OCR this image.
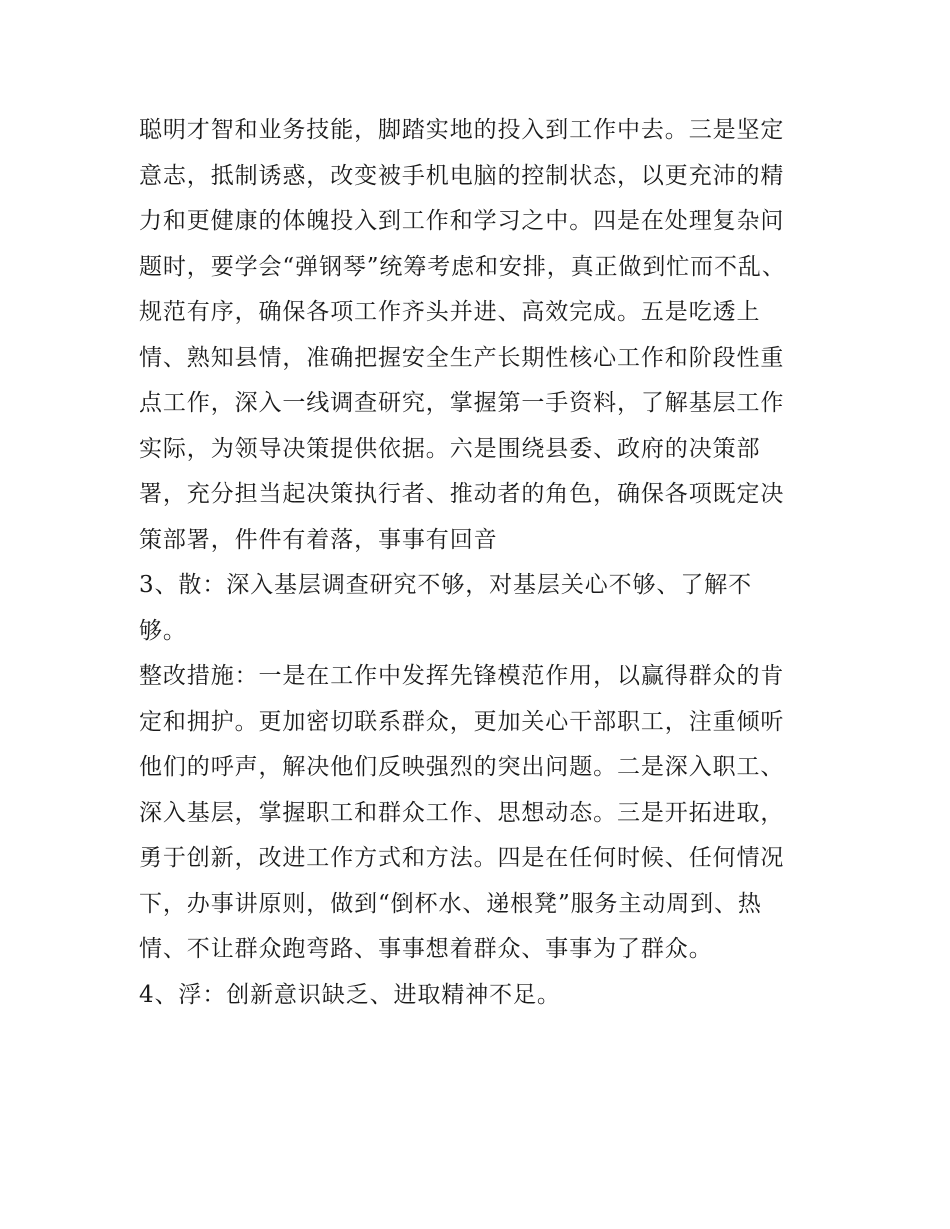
聪明才智和业务技能，脚踏实地的投入到工作中去。三是坚定
意志，抵制诱惑，改变被手机电脑的控制状态，以更充沛的精
力和更健康的体魄投入到工作和学习之中。四是在处理复杂问
题时，要学会“弹钢琴”统筹考虑和安排，真正做到忙而不乱、
规范有序，确保各项工作齐头并进、高效完成。五是吃透上
情、熟知县情，准确把握安全生产长期性核心工作和阶段性重
点工作，深入一线调查研究，掌握第一手资料，了解基层工作
实际，为领导决策提供依据。六是围绕县委、政府的决策部
署，充分担当起决策执行者、推动者的角色，确保各项既定决
策部署，件件有着落，事事有回音
3、散：深入基层调查研究不够，对基层关心不够、了解不
够。
整改措施：一是在工作中发挥先锋模范作用，以赢得群众的肯
定和拥护。更加密切联系群众，更加关心干部职工，注重倾听
他们的呼声，解决他们反映强烈的突出问题。二是深入职工、
深入基层，掌握职工和群众工作、思想动态。三是开拓进取，
勇于创新，改进工作方式和方法。四是在任何时候、任何情况
下，办事讲原则，做到“倒杯水、递根凳”服务主动周到、热
情、不让群众跑弯路、事事想着群众、事事为了群众。
4、浮：创新意识缺乏、进取精神不足。
